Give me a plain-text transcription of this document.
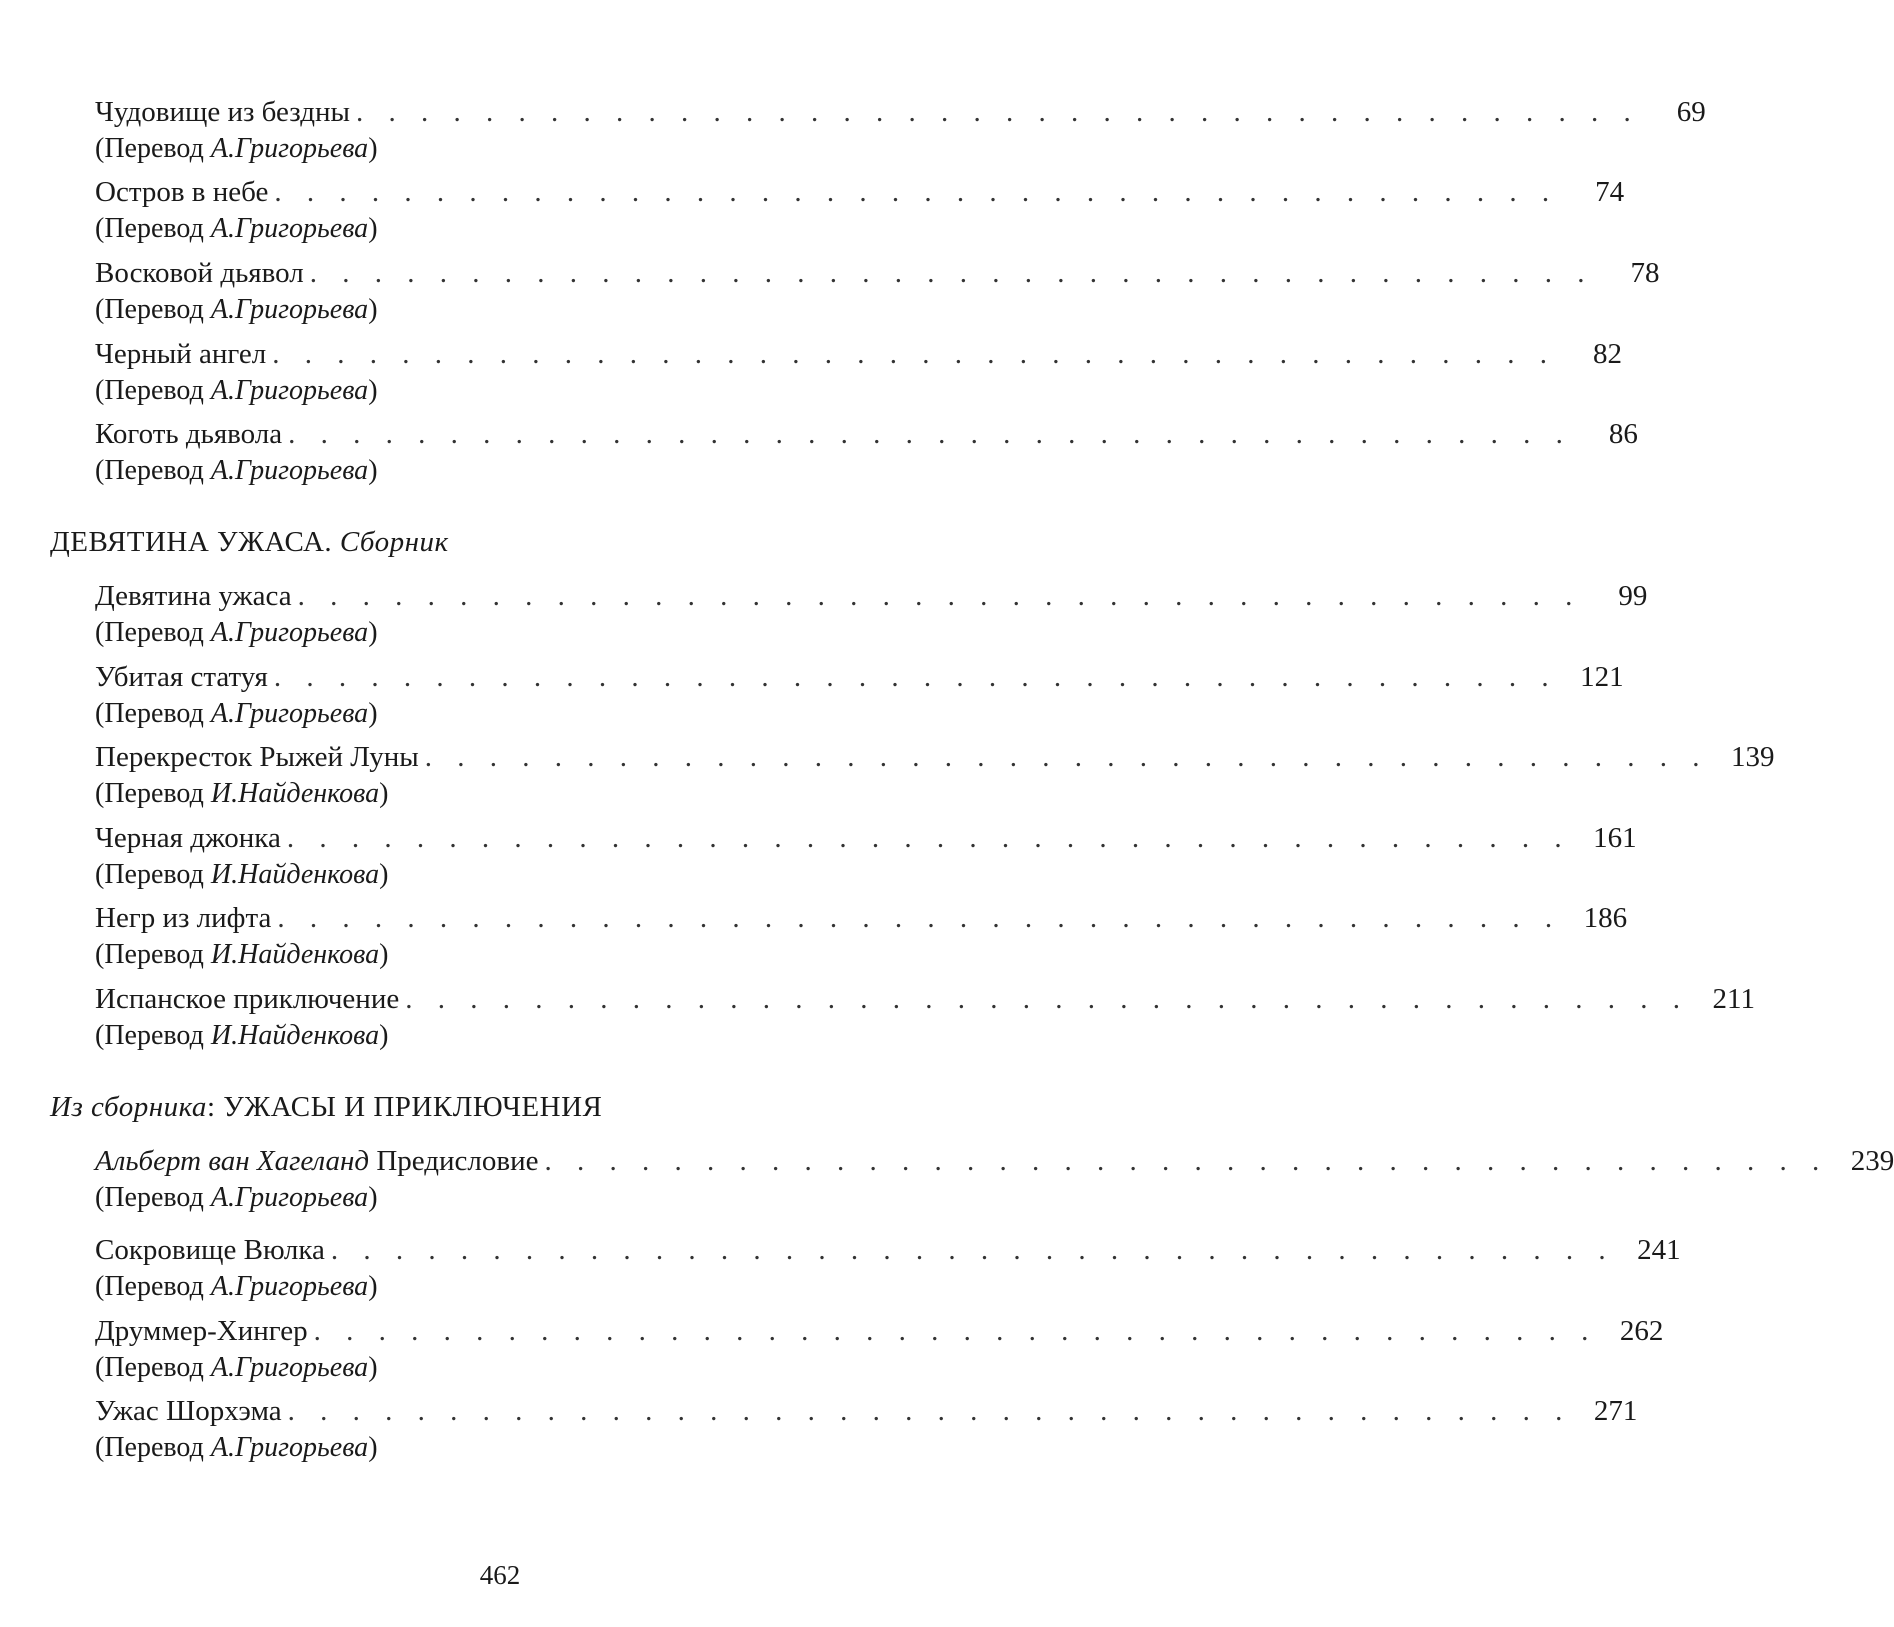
Чудовище из бездны . . . . . . . . . . . . . . . . . . . . . . . . . . . . . . . . . . . . . . . .	69
(Перевод А.Григорьева)
Остров в небе . . . . . . . . . . . . . . . . . . . . . . . . . . . . . . . . . . . . . . . .	74
(Перевод А.Григорьева)
Восковой дьявол . . . . . . . . . . . . . . . . . . . . . . . . . . . . . . . . . . . . . . . .	78
(Перевод А.Григорьева)
Черный ангел . . . . . . . . . . . . . . . . . . . . . . . . . . . . . . . . . . . . . . . .	82
(Перевод А.Григорьева)
Коготь дьявола . . . . . . . . . . . . . . . . . . . . . . . . . . . . . . . . . . . . . . . .	86
(Перевод А.Григорьева)
ДЕВЯТИНА УЖАСА. Сборник
Девятина ужаса . . . . . . . . . . . . . . . . . . . . . . . . . . . . . . . . . . . . . . . .	99
(Перевод А.Григорьева)
Убитая статуя . . . . . . . . . . . . . . . . . . . . . . . . . . . . . . . . . . . . . . . . 121
(Перевод А.Григорьева)
Перекресток Рыжей Луны . . . . . . . . . . . . . . . . . . . . . . . . . . . . . . . . . . . . . . . . 139
(Перевод И.Найденкова)
Черная джонка . . . . . . . . . . . . . . . . . . . . . . . . . . . . . . . . . . . . . . . . 161
(Перевод И.Найденкова)
Негр из лифта . . . . . . . . . . . . . . . . . . . . . . . . . . . . . . . . . . . . . . . . 186
(Перевод И.Найденкова)
Испанское приключение . . . . . . . . . . . . . . . . . . . . . . . . . . . . . . . . . . . . . . . . 211
(Перевод И.Найденкова)
Из сборника: УЖАСЫ И ПРИКЛЮЧЕНИЯ
Альберт ван Хагеланд Предисловие . . . . . . . . . . . . . . . . . . . . . . . . . . . . . . . . . . . . . . . . 239
(Перевод А.Григорьева)
Сокровище Вюлка . . . . . . . . . . . . . . . . . . . . . . . . . . . . . . . . . . . . . . . . 241
(Перевод А.Григорьева)
Друммер-Хингер . . . . . . . . . . . . . . . . . . . . . . . . . . . . . . . . . . . . . . . . 262
(Перевод А.Григорьева)
Ужас Шорхэма . . . . . . . . . . . . . . . . . . . . . . . . . . . . . . . . . . . . . . . . 271
(Перевод А.Григорьева)
462
